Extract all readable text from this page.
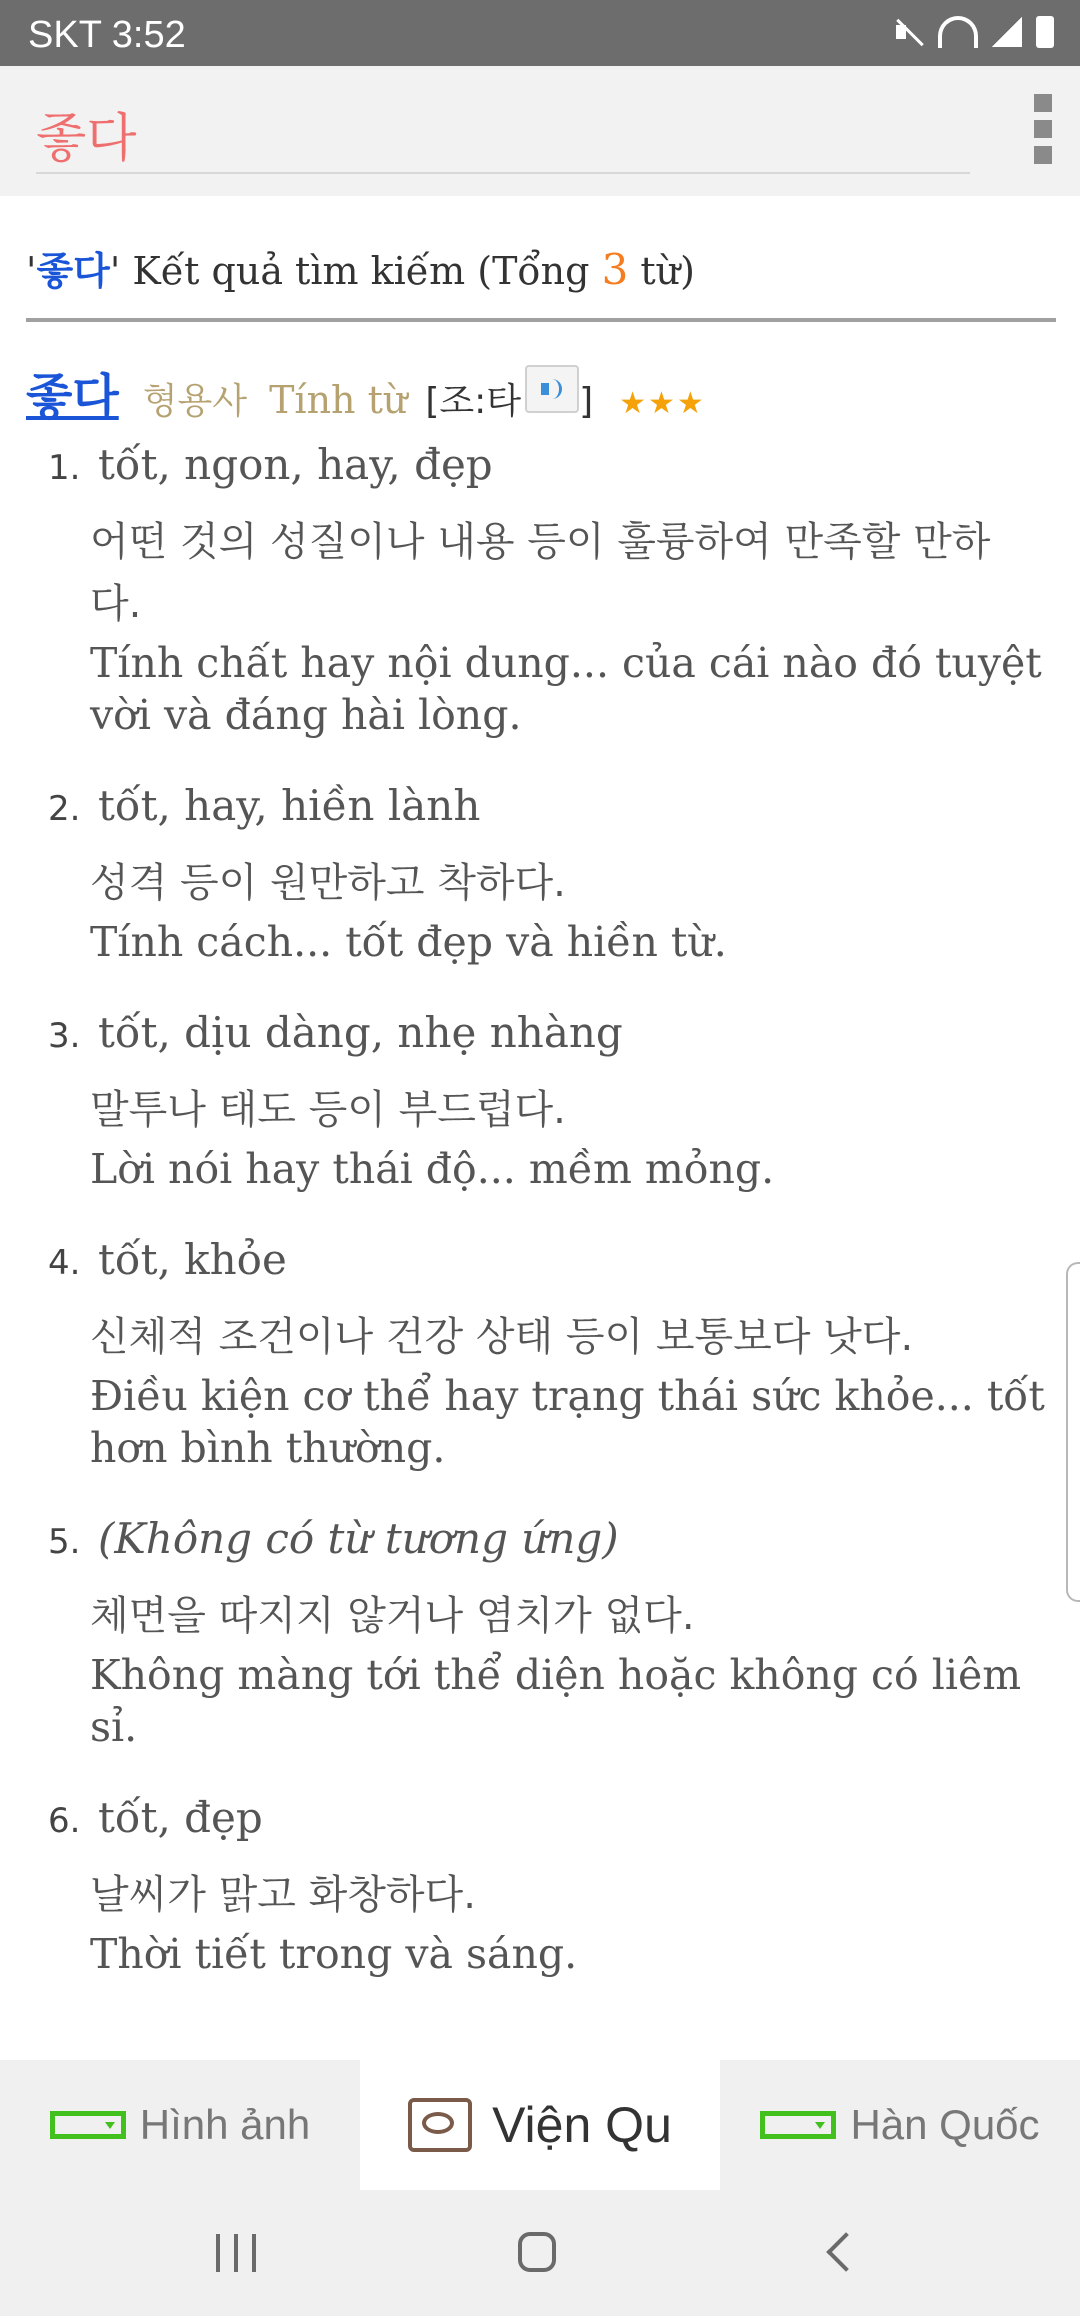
SKT 3:52
좋다
'좋다' Kết quả tìm kiếm (Tổng 3 từ)
좋다 형용사 Tính từ [ 조:타 ] ★★★
1. tốt, ngon, hay, đẹp
어떤 것의 성질이나 내용 등이 훌륭하여 만족할 만하다.
Tính chất hay nội dung... của cái nào đó tuyệt vời và đáng hài lòng.
2. tốt, hay, hiền lành
성격 등이 원만하고 착하다.
Tính cách... tốt đẹp và hiền từ.
3. tốt, dịu dàng, nhẹ nhàng
말투나 태도 등이 부드럽다.
Lời nói hay thái độ... mềm mỏng.
4. tốt, khỏe
신체적 조건이나 건강 상태 등이 보통보다 낫다.
Điều kiện cơ thể hay trạng thái sức khỏe... tốt hơn bình thường.
5. (Không có từ tương ứng)
체면을 따지지 않거나 염치가 없다.
Không màng tới thể diện hoặc không có liêm sỉ.
6. tốt, đẹp
날씨가 맑고 화창하다.
Thời tiết trong và sáng.
Hình ảnh	Viện Qu	Hàn Quốc
